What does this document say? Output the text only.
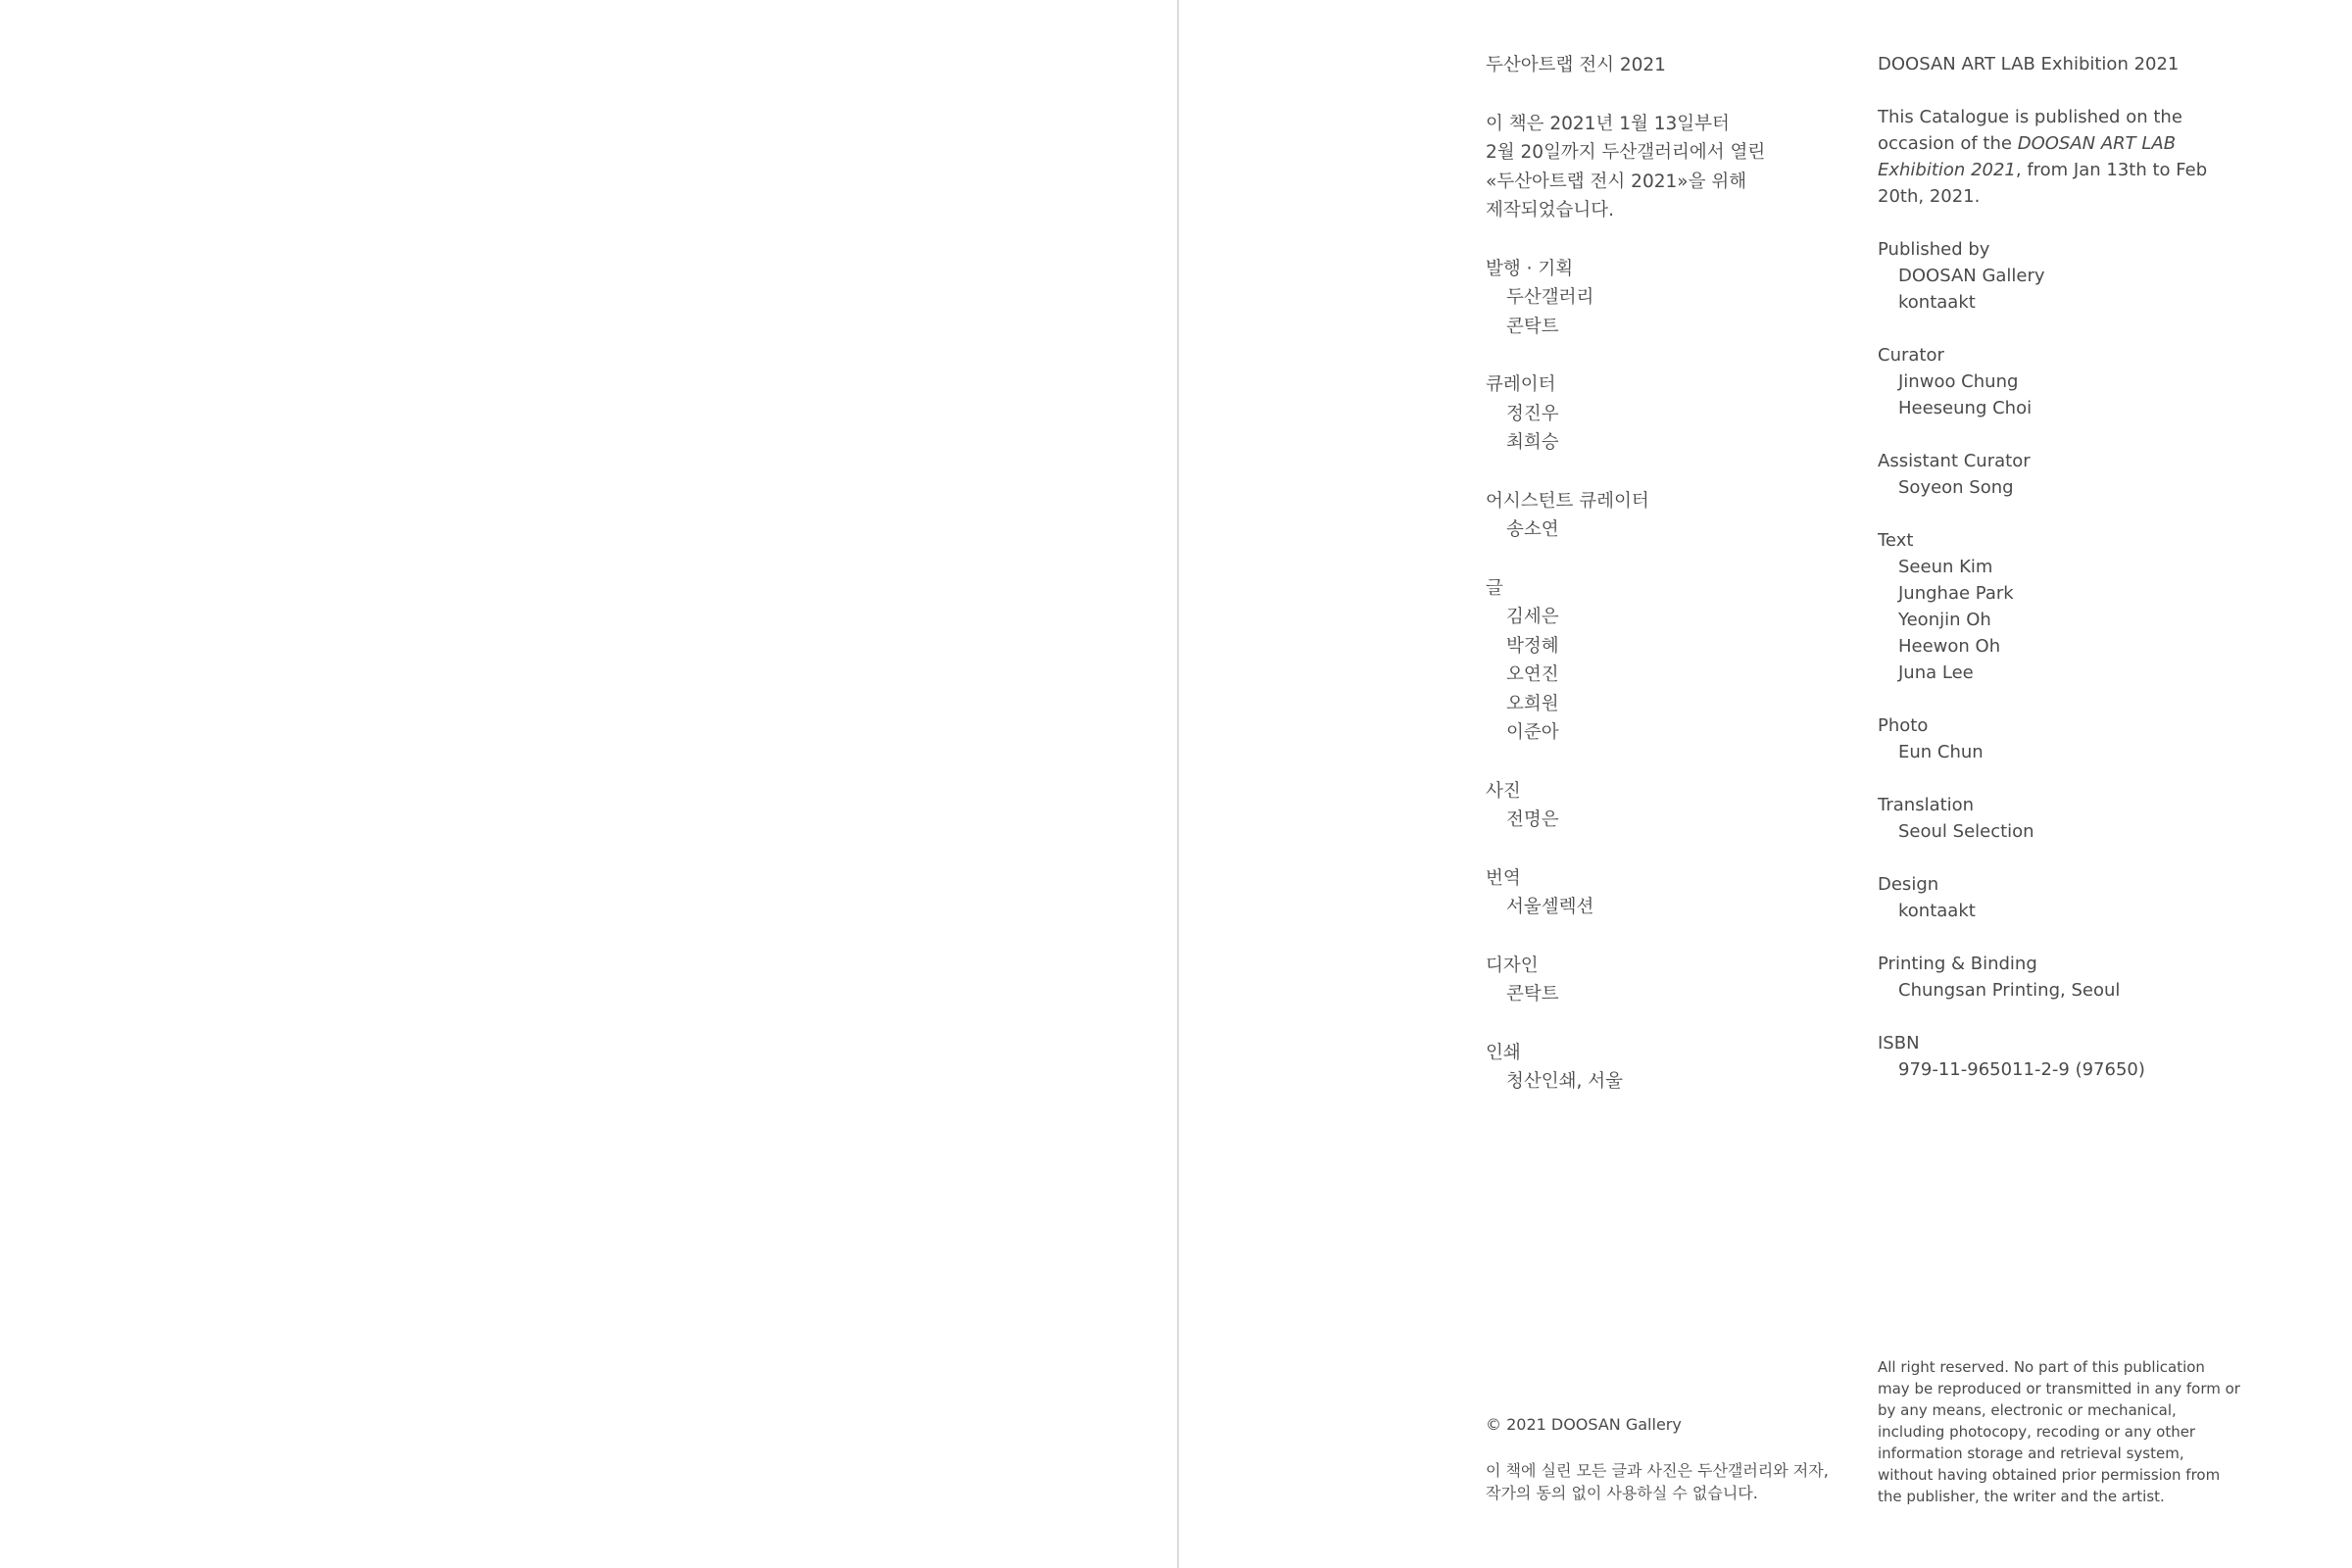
두산아트랩 전시 2021
이 책은 2021년 1월 13일부터
2월 20일까지 두산갤러리에서 열린
«두산아트랩 전시 2021»을 위해
제작되었습니다.
발행 · 기획
두산갤러리
콘탁트
큐레이터
정진우
최희승
어시스턴트 큐레이터
송소연
글
김세은
박정혜
오연진
오희원
이준아
사진
전명은
번역
서울셀렉션
디자인
콘탁트
인쇄
청산인쇄, 서울
DOOSAN ART LAB Exhibition 2021
This Catalogue is published on the occasion of the DOOSAN ART LAB Exhibition 2021, from Jan 13th to Feb 20th, 2021.
Published by
DOOSAN Gallery
kontaakt
Curator
Jinwoo Chung
Heeseung Choi
Assistant Curator
Soyeon Song
Text
Seeun Kim
Junghae Park
Yeonjin Oh
Heewon Oh
Juna Lee
Photo
Eun Chun
Translation
Seoul Selection
Design
kontaakt
Printing & Binding
Chungsan Printing, Seoul
ISBN
979-11-965011-2-9 (97650)
© 2021 DOOSAN Gallery
이 책에 실린 모든 글과 사진은 두산갤러리와 저자,
작가의 동의 없이 사용하실 수 없습니다.
All right reserved. No part of this publication may be reproduced or transmitted in any form or by any means, electronic or mechanical, including photocopy, recoding or any other information storage and retrieval system, without having obtained prior permission from the publisher, the writer and the artist.
